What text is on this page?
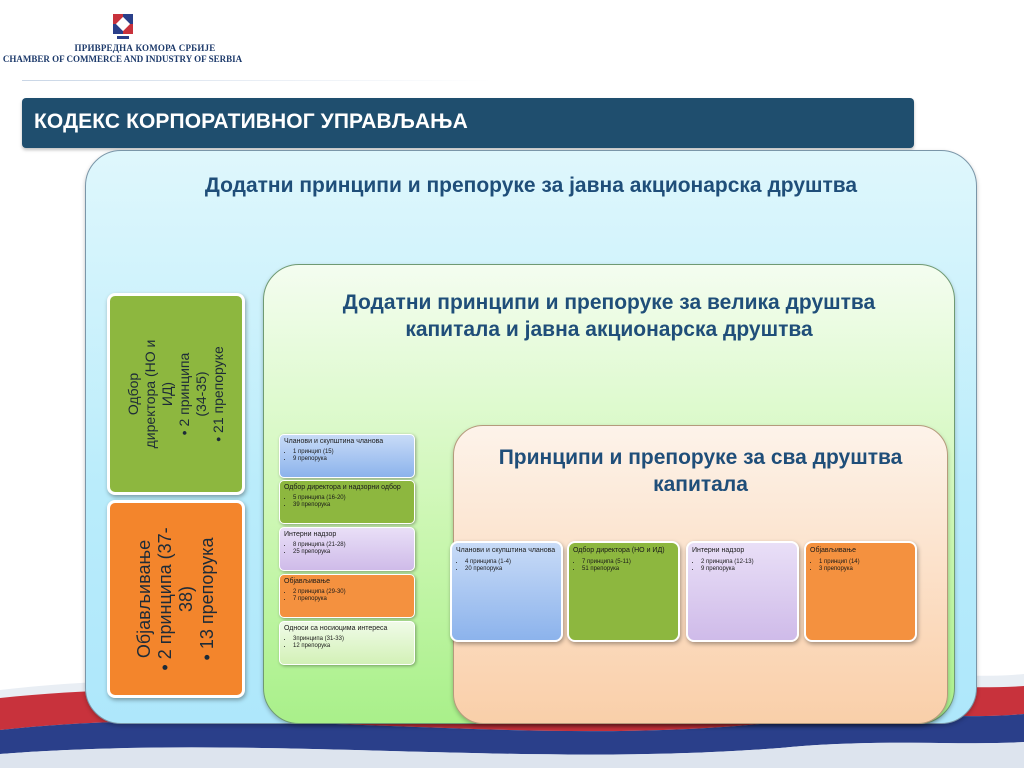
ПРИВРЕДНА КОМОРА СРБИЈЕ
CHAMBER OF COMMERCE AND INDUSTRY OF SERBIA
КОДЕКС КОРПОРАТИВНОГ УПРАВЉАЊА
Додатни принципи и препоруке за јавна акционарска друштва
Одбор директора (НО и ИД) • 2 принципа (34-35) • 21 препоруке
Објављивање • 2 принципа (37-38) • 13 препорука
Додатни принципи и препоруке за велика друштва капитала и јавна акционарска друштва
Чланови и скупштина чланова
• 1 принцип (15)
• 9 препорука
Одбор директора и надзорни одбор
• 5 принципа (16-20)
• 39 препорука
Интерни надзор
• 8 принципа (21-28)
• 25 препорука
Објављивање
• 2 принципа (29-30)
• 7 препорука
Односи са носиоцима интереса
• 3принципа (31-33)
• 12 препорука
Принципи и препоруке за сва друштва капитала
Чланови и скупштина чланова
• 4 принципа (1-4)
• 20 препорука
Одбор директора (НО и ИД)
• 7 принципа (5-11)
• 51 препорукa
Интерни надзор
• 2 принципа (12-13)
• 9 препорука
Објављивање
• 1 принцип (14)
• 3 препорука
